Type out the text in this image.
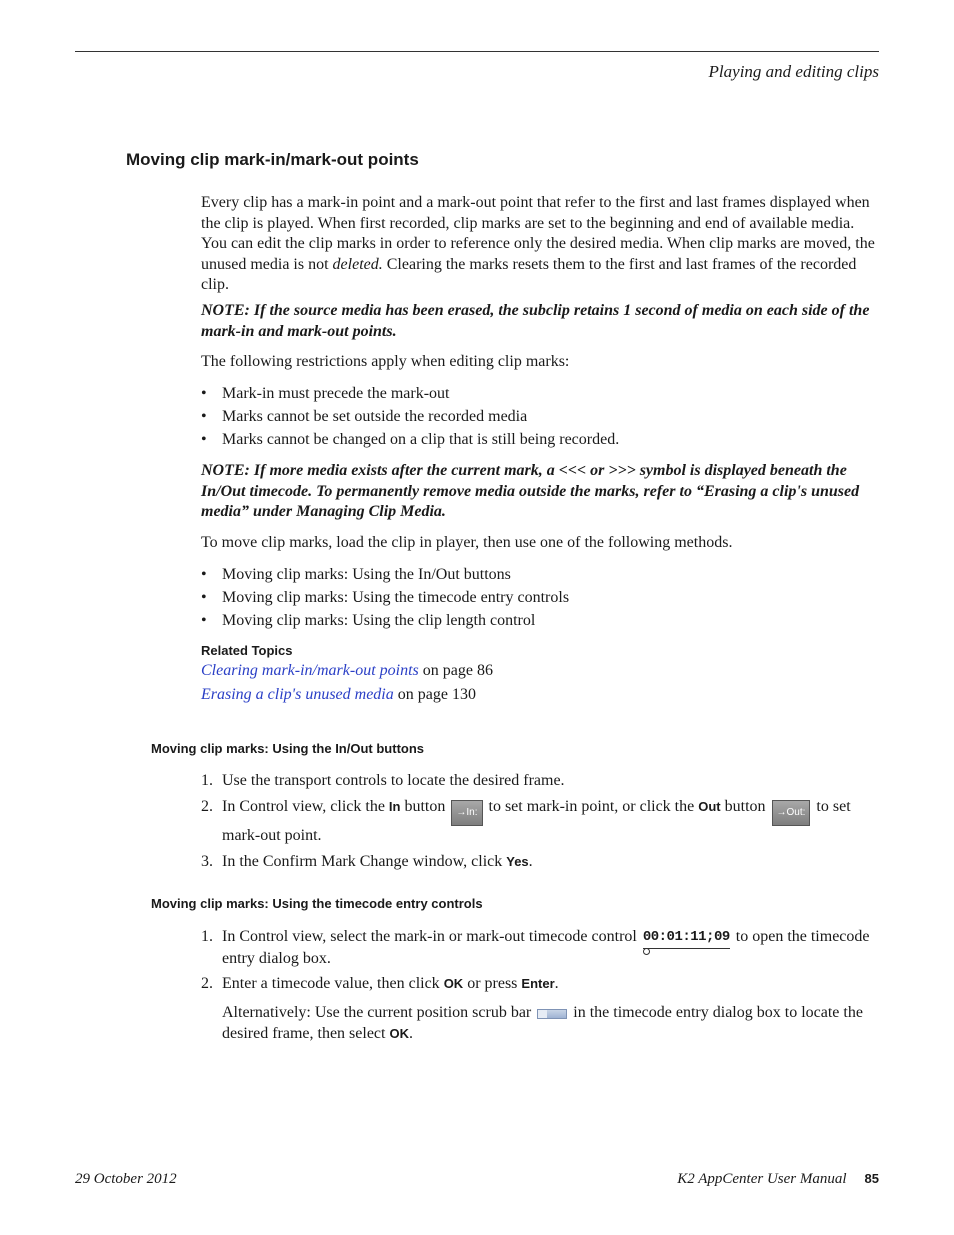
Playing and editing clips
Moving clip mark-in/mark-out points
Every clip has a mark-in point and a mark-out point that refer to the first and last frames displayed when the clip is played. When first recorded, clip marks are set to the beginning and end of available media. You can edit the clip marks in order to reference only the desired media. When clip marks are moved, the unused media is not deleted. Clearing the marks resets them to the first and last frames of the recorded clip.
NOTE: If the source media has been erased, the subclip retains 1 second of media on each side of the mark-in and mark-out points.
The following restrictions apply when editing clip marks:
• Mark-in must precede the mark-out
• Marks cannot be set outside the recorded media
• Marks cannot be changed on a clip that is still being recorded.
NOTE: If more media exists after the current mark, a <<< or >>> symbol is displayed beneath the In/Out timecode. To permanently remove media outside the marks, refer to “Erasing a clip's unused media” under Managing Clip Media.
To move clip marks, load the clip in player, then use one of the following methods.
• Moving clip marks: Using the In/Out buttons
• Moving clip marks: Using the timecode entry controls
• Moving clip marks: Using the clip length control
Related Topics
Clearing mark-in/mark-out points on page 86
Erasing a clip's unused media on page 130
Moving clip marks: Using the In/Out buttons
1. Use the transport controls to locate the desired frame.
2. In Control view, click the In button →In: to set mark-in point, or click the Out button →Out: to set mark-out point.
3. In the Confirm Mark Change window, click Yes.
Moving clip marks: Using the timecode entry controls
1. In Control view, select the mark-in or mark-out timecode control 00:01:11;09
to open the timecode entry dialog box.
2. Enter a timecode value, then click OK or press Enter.
Alternatively: Use the current position scrub bar  in the timecode entry dialog box to locate the desired frame, then select OK.
29 October 2012	K2 AppCenter User Manual 85
